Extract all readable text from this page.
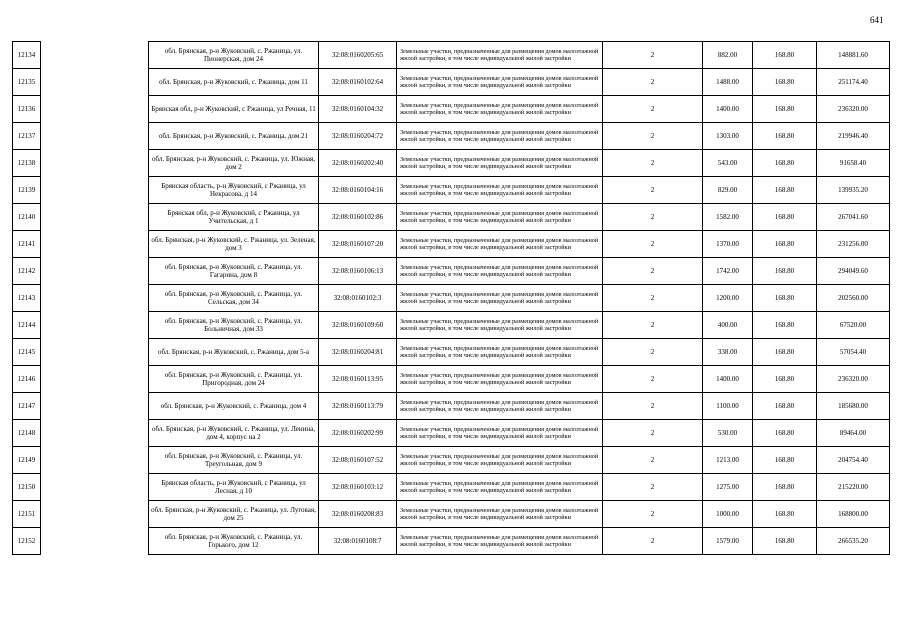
641
12134		обл. Брянская, р-н Жуковский, с. Ржаница, ул. Пионерская, дом 24	32:08:0160205:65	Земельные участки, предназначенные для размещения домов малоэтажной жилой застройки, в том числе индивидуальной жилой застройки	2	882.00	168.80	148881.60
12135		обл. Брянская, р-н Жуковский, с. Ржаница, дом 11	32:08:0160102:64	Земельные участки, предназначенные для размещения домов малоэтажной жилой застройки, в том числе индивидуальной жилой застройки	2	1488.00	168.80	251174.40
12136		Брянская обл, р-н Жуковский, с Ржаница, ул Речная, 11	32:08:0160104:32	Земельные участки, предназначенные для размещения домов малоэтажной жилой застройки, в том числе индивидуальной жилой застройки	2	1400.00	168.80	236320.00
12137		обл. Брянская, р-н Жуковский, с. Ржаница, дом 21	32:08:0160204:72	Земельные участки, предназначенные для размещения домов малоэтажной жилой застройки, в том числе индивидуальной жилой застройки	2	1303.00	168.80	219946.40
12138		обл. Брянская, р-н Жуковский, с. Ржаница, ул. Южная, дом 2	32:08:0160202:40	Земельные участки, предназначенные для размещения домов малоэтажной жилой застройки, в том числе индивидуальной жилой застройки	2	543.00	168.80	91658.40
12139		Брянская область, р-н Жуковский, с Ржаница, ул Некрасова, д 14	32:08:0160104:16	Земельные участки, предназначенные для размещения домов малоэтажной жилой застройки, в том числе индивидуальной жилой застройки	2	829.00	168.80	139935.20
12140		Брянская обл, р-н Жуковский, с Ржаница, ул Учительская, д 1	32:08:0160102:86	Земельные участки, предназначенные для размещения домов малоэтажной жилой застройки, в том числе индивидуальной жилой застройки	2	1582.00	168.80	267041.60
12141		обл. Брянская, р-н Жуковский, с. Ржаница, ул. Зеленая, дом 3	32:08:0160107:20	Земельные участки, предназначенные для размещения домов малоэтажной жилой застройки, в том числе индивидуальной жилой застройки	2	1370.00	168.80	231256.00
12142		обл. Брянская, р-н Жуковский, с. Ржаница, ул. Гагарина, дом 8	32:08:0160106:13	Земельные участки, предназначенные для размещения домов малоэтажной жилой застройки, в том числе индивидуальной жилой застройки	2	1742.00	168.80	294049.60
12143		обл. Брянская, р-н Жуковский, с. Ржаница, ул. Сельская, дом 34	32:08:0160102:3	Земельные участки, предназначенные для размещения домов малоэтажной жилой застройки, в том числе индивидуальной жилой застройки	2	1200.00	168.80	202560.00
12144		обл. Брянская, р-н Жуковский, с. Ржаница, ул. Больничная, дом 33	32:08:0160109:60	Земельные участки, предназначенные для размещения домов малоэтажной жилой застройки, в том числе индивидуальной жилой застройки	2	400.00	168.80	67520.00
12145		обл. Брянская, р-н Жуковский, с. Ржаница, дом 5-а	32:08:0160204:81	Земельные участки, предназначенные для размещения домов малоэтажной жилой застройки, в том числе индивидуальной жилой застройки	2	338.00	168.80	57054.40
12146		обл. Брянская, р-н Жуковский, с. Ржаница, ул. Пригородная, дом 24	32:08:0160113:95	Земельные участки, предназначенные для размещения домов малоэтажной жилой застройки, в том числе индивидуальной жилой застройки	2	1400.00	168.80	236320.00
12147		обл. Брянская, р-н Жуковский, с. Ржаница, дом 4	32:08:0160113:79	Земельные участки, предназначенные для размещения домов малоэтажной жилой застройки, в том числе индивидуальной жилой застройки	2	1100.00	168.80	185680.00
12148		обл. Брянская, р-н Жуковский, с. Ржаница, ул. Ленина, дом 4, корпус на 2	32:08:0160202:99	Земельные участки, предназначенные для размещения домов малоэтажной жилой застройки, в том числе индивидуальной жилой застройки	2	530.00	168.80	89464.00
12149		обл. Брянская, р-н Жуковский, с. Ржаница, ул. Треугольная, дом 9	32:08:0160107:52	Земельные участки, предназначенные для размещения домов малоэтажной жилой застройки, в том числе индивидуальной жилой застройки	2	1213.00	168.80	204754.40
12150		Брянская область, р-н Жуковский, с Ржаница, ул Лесная, д 10	32:08:0160103:12	Земельные участки, предназначенные для размещения домов малоэтажной жилой застройки, в том числе индивидуальной жилой застройки	2	1275.00	168.80	215220.00
12151		обл. Брянская, р-н Жуковский, с. Ржаница, ул. Луговая, дом 25	32:08:0160208:83	Земельные участки, предназначенные для размещения домов малоэтажной жилой застройки, в том числе индивидуальной жилой застройки	2	1000.00	168.80	168800.00
12152		обл. Брянская, р-н Жуковский, с. Ржаница, ул. Горького, дом 12	32:08:0160108:7	Земельные участки, предназначенные для размещения домов малоэтажной жилой застройки, в том числе индивидуальной жилой застройки	2	1579.00	168.80	266535.20
